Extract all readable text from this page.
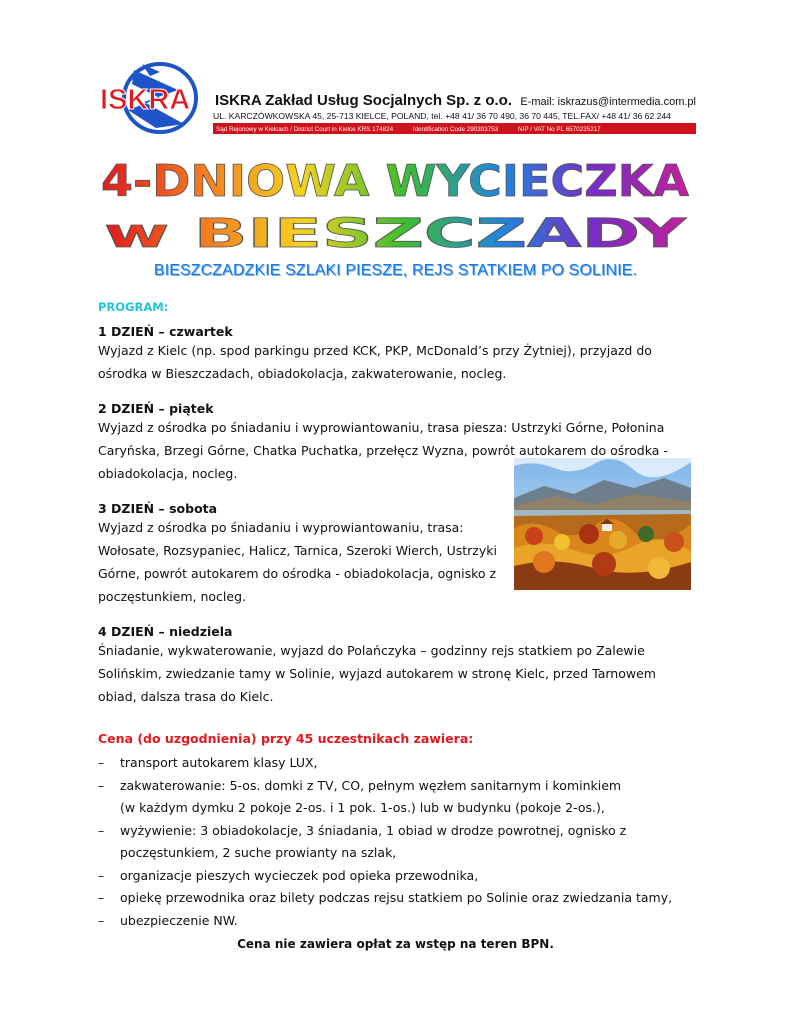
ISKRA ISKRA Zakład Usług Socjalnych Sp. z o.o. E-mail: iskrazus@intermedia.com.pl
UL. KARCZÓWKOWSKA 45, 25-713 KIELCE, POLAND, tel. +48 41/ 36 70 490, 36 70 445, TEL.FAX/ +48 41/ 36 62 244
Sąd Rejonowy w Kielcach / District Court in Kielce KRS 174824	Identification Code 290393753	NIP / VAT No PL 6570235217
4-DNIOWA WYCIECZKA
w BIESZCZADY
BIESZCZADZKIE SZLAKI PIESZE, REJS STATKIEM PO SOLINIE.
PROGRAM:
1 DZIEŃ – czwartek
Wyjazd z Kielc (np. spod parkingu przed KCK, PKP, McDonald’s przy Żytniej), przyjazd do
ośrodka w Bieszczadach, obiadokolacja, zakwaterowanie, nocleg.
2 DZIEŃ – piątek
Wyjazd z ośrodka po śniadaniu i wyprowiantowaniu, trasa piesza: Ustrzyki Górne, Połonina
Caryńska, Brzegi Górne, Chatka Puchatka, przełęcz Wyzna, powrót autokarem do ośrodka -
obiadokolacja, nocleg.
3 DZIEŃ – sobota
Wyjazd z ośrodka po śniadaniu i wyprowiantowaniu, trasa:
Wołosate, Rozsypaniec, Halicz, Tarnica, Szeroki Wierch, Ustrzyki
Górne, powrót autokarem do ośrodka - obiadokolacja, ognisko z
poczęstunkiem, nocleg.
4 DZIEŃ – niedziela
Śniadanie, wykwaterowanie, wyjazd do Polańczyka – godzinny rejs statkiem po Zalewie
Solińskim, zwiedzanie tamy w Solinie, wyjazd autokarem w stronę Kielc, przed Tarnowem
obiad, dalsza trasa do Kielc.
Cena (do uzgodnienia) przy 45 uczestnikach zawiera:
– transport autokarem klasy LUX,
– zakwaterowanie: 5-os. domki z TV, CO, pełnym węzłem sanitarnym i kominkiem
(w każdym dymku 2 pokoje 2-os. i 1 pok. 1-os.) lub w budynku (pokoje 2-os.),
– wyżywienie: 3 obiadokolacje, 3 śniadania, 1 obiad w drodze powrotnej, ognisko z
poczęstunkiem, 2 suche prowianty na szlak,
– organizacje pieszych wycieczek pod opieka przewodnika,
– opiekę przewodnika oraz bilety podczas rejsu statkiem po Solinie oraz zwiedzania tamy,
– ubezpieczenie NW.
Cena nie zawiera opłat za wstęp na teren BPN.
